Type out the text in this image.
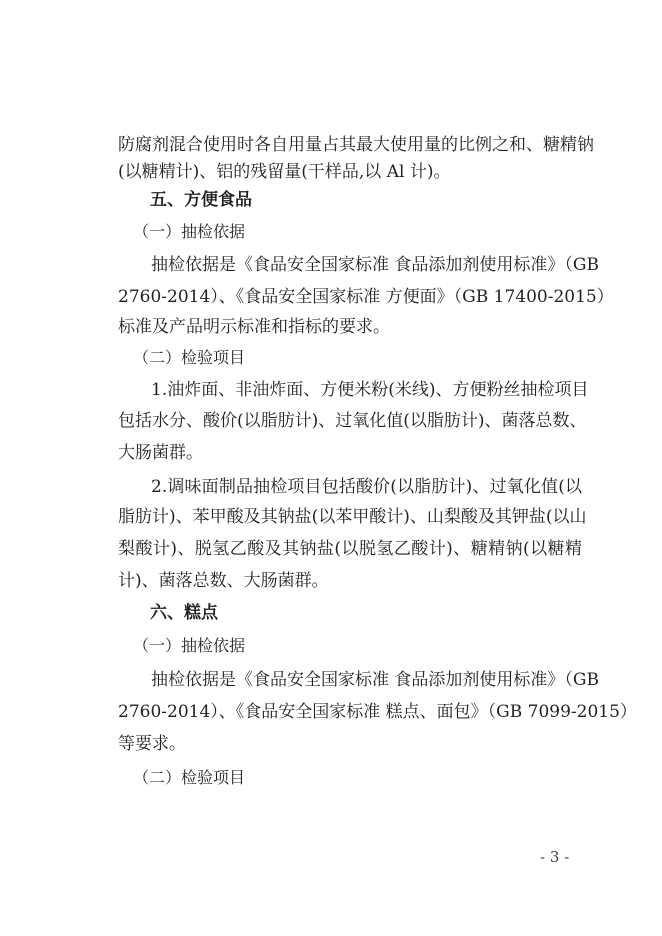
防腐剂混合使用时各自用量占其最大使用量的比例之和、糖精钠
(以糖精计)、铝的残留量(干样品,以 Al 计)。
五、方便食品
（一）抽检依据
抽检依据是《食品安全国家标准 食品添加剂使用标准》（GB
2760-2014）、《食品安全国家标准 方便面》（GB 17400-2015）
标准及产品明示标准和指标的要求。
（二）检验项目
1.油炸面、非油炸面、方便米粉(米线)、方便粉丝抽检项目
包括水分、酸价(以脂肪计)、过氧化值(以脂肪计)、菌落总数、
大肠菌群。
2.调味面制品抽检项目包括酸价(以脂肪计)、过氧化值(以
脂肪计)、苯甲酸及其钠盐(以苯甲酸计)、山梨酸及其钾盐(以山
梨酸计)、脱氢乙酸及其钠盐(以脱氢乙酸计)、糖精钠(以糖精
计)、菌落总数、大肠菌群。
六、糕点
（一）抽检依据
抽检依据是《食品安全国家标准 食品添加剂使用标准》（GB
2760-2014）、《食品安全国家标准 糕点、面包》（GB 7099-2015）
等要求。
（二）检验项目
- 3 -
